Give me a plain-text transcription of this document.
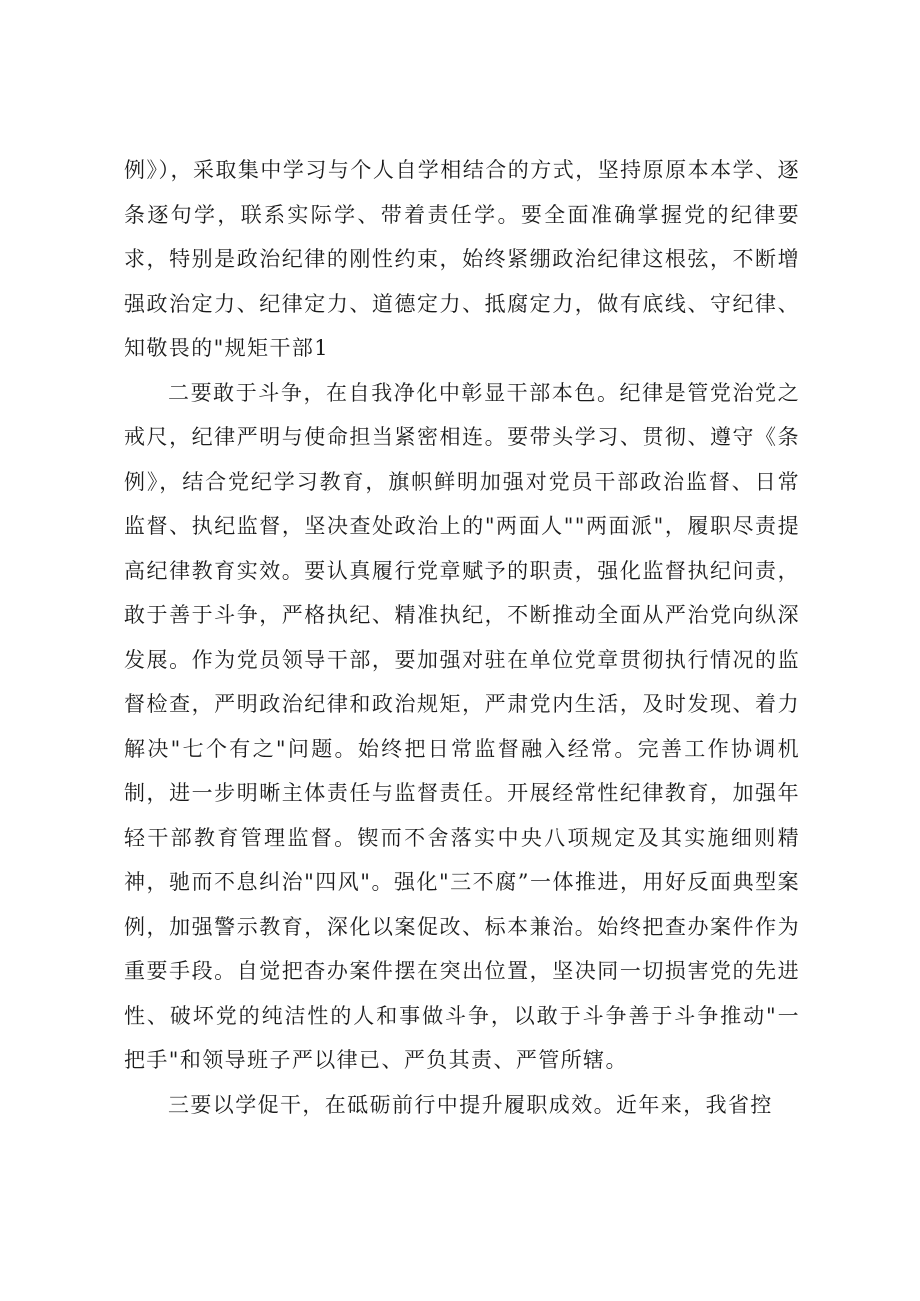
例》），采取集中学习与个人自学相结合的方式，坚持原原本本学、逐条逐句学，联系实际学、带着责任学。要全面准确掌握党的纪律要求，特别是政治纪律的刚性约束，始终紧绷政治纪律这根弦，不断增强政治定力、纪律定力、道德定力、抵腐定力，做有底线、守纪律、知敬畏的"规矩干部1

二要敢于斗争，在自我净化中彰显干部本色。纪律是管党治党之戒尺，纪律严明与使命担当紧密相连。要带头学习、贯彻、遵守《条例》，结合党纪学习教育，旗帜鲜明加强对党员干部政治监督、日常监督、执纪监督，坚决查处政治上的"两面人""两面派"，履职尽责提高纪律教育实效。要认真履行党章赋予的职责，强化监督执纪问责，敢于善于斗争，严格执纪、精准执纪，不断推动全面从严治党向纵深发展。作为党员领导干部，要加强对驻在单位党章贯彻执行情况的监督检查，严明政治纪律和政治规矩，严肃党内生活，及时发现、着力解决"七个有之"问题。始终把日常监督融入经常。完善工作协调机制，进一步明晰主体责任与监督责任。开展经常性纪律教育，加强年轻干部教育管理监督。锲而不舍落实中央八项规定及其实施细则精神，驰而不息纠治"四风"。强化"三不腐”一体推进，用好反面典型案例，加强警示教育，深化以案促改、标本兼治。始终把查办案件作为重要手段。自觉把杳办案件摆在突出位置，坚决同一切损害党的先进性、破坏党的纯洁性的人和事做斗争，以敢于斗争善于斗争推动"一把手"和领导班子严以律已、严负其责、严管所辖。

三要以学促干，在砥砺前行中提升履职成效。近年来，我省控
